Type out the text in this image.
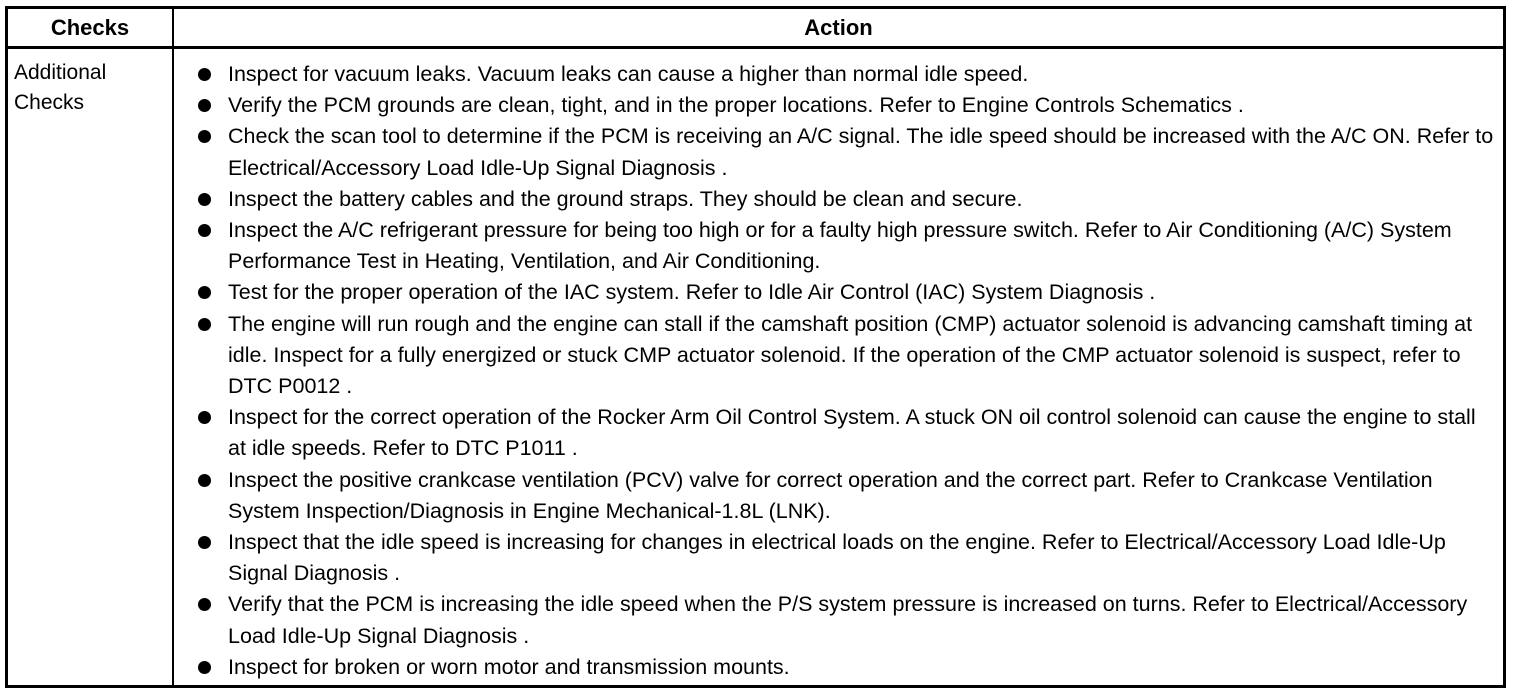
Checks	Action
Additional Checks
Inspect for vacuum leaks. Vacuum leaks can cause a higher than normal idle speed.
Verify the PCM grounds are clean, tight, and in the proper locations. Refer to Engine Controls Schematics .
Check the scan tool to determine if the PCM is receiving an A/C signal. The idle speed should be increased with the A/C ON. Refer to Electrical/Accessory Load Idle-Up Signal Diagnosis .
Inspect the battery cables and the ground straps. They should be clean and secure.
Inspect the A/C refrigerant pressure for being too high or for a faulty high pressure switch. Refer to Air Conditioning (A/C) System Performance Test in Heating, Ventilation, and Air Conditioning.
Test for the proper operation of the IAC system. Refer to Idle Air Control (IAC) System Diagnosis .
The engine will run rough and the engine can stall if the camshaft position (CMP) actuator solenoid is advancing camshaft timing at idle. Inspect for a fully energized or stuck CMP actuator solenoid. If the operation of the CMP actuator solenoid is suspect, refer to DTC P0012 .
Inspect for the correct operation of the Rocker Arm Oil Control System. A stuck ON oil control solenoid can cause the engine to stall at idle speeds. Refer to DTC P1011 .
Inspect the positive crankcase ventilation (PCV) valve for correct operation and the correct part. Refer to Crankcase Ventilation System Inspection/Diagnosis in Engine Mechanical-1.8L (LNK).
Inspect that the idle speed is increasing for changes in electrical loads on the engine. Refer to Electrical/Accessory Load Idle-Up Signal Diagnosis .
Verify that the PCM is increasing the idle speed when the P/S system pressure is increased on turns. Refer to Electrical/Accessory Load Idle-Up Signal Diagnosis .
Inspect for broken or worn motor and transmission mounts.
